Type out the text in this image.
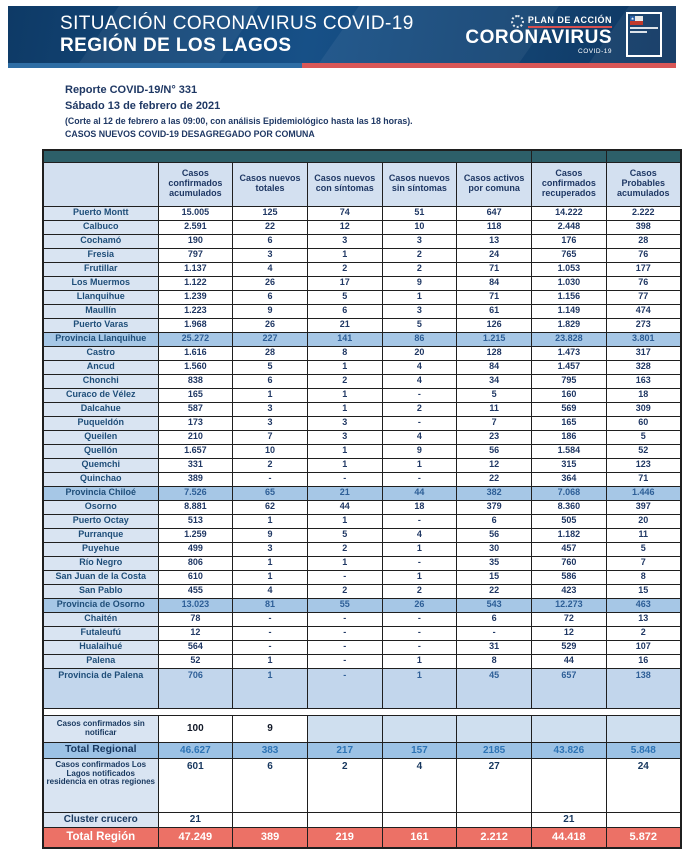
SITUACIÓN CORONAVIRUS COVID-19
REGIÓN DE LOS LAGOS
PLAN DE ACCIÓN
CORONAVIRUS
COVID-19
★
Reporte COVID-19/N° 331
Sábado 13 de febrero de 2021
(Corte al 12 de febrero a las 09:00, con análisis Epidemiológico hasta las 18 horas).
CASOS NUEVOS COVID-19 DESAGREGADO POR COMUNA

	Casos confirmados acumulados	Casos nuevos totales	Casos nuevos con síntomas	Casos nuevos sin síntomas	Casos activos por comuna	Casos confirmados recuperados	Casos Probables acumulados
Puerto Montt	15.005	125	74	51	647	14.222	2.222
Calbuco	2.591	22	12	10	118	2.448	398
Cochamó	190	6	3	3	13	176	28
Fresia	797	3	1	2	24	765	76
Frutillar	1.137	4	2	2	71	1.053	177
Los Muermos	1.122	26	17	9	84	1.030	76
Llanquihue	1.239	6	5	1	71	1.156	77
Maullín	1.223	9	6	3	61	1.149	474
Puerto Varas	1.968	26	21	5	126	1.829	273
Provincia Llanquihue	25.272	227	141	86	1.215	23.828	3.801
Castro	1.616	28	8	20	128	1.473	317
Ancud	1.560	5	1	4	84	1.457	328
Chonchi	838	6	2	4	34	795	163
Curaco de Vélez	165	1	1	-	5	160	18
Dalcahue	587	3	1	2	11	569	309
Puqueldón	173	3	3	-	7	165	60
Queilen	210	7	3	4	23	186	5
Quellón	1.657	10	1	9	56	1.584	52
Quemchi	331	2	1	1	12	315	123
Quinchao	389	-	-	-	22	364	71
Provincia Chiloé	7.526	65	21	44	382	7.068	1.446
Osorno	8.881	62	44	18	379	8.360	397
Puerto Octay	513	1	1	-	6	505	20
Purranque	1.259	9	5	4	56	1.182	11
Puyehue	499	3	2	1	30	457	5
Río Negro	806	1	1	-	35	760	7
San Juan de la Costa	610	1	-	1	15	586	8
San Pablo	455	4	2	2	22	423	15
Provincia de Osorno	13.023	81	55	26	543	12.273	463
Chaitén	78	-	-	-	6	72	13
Futaleufú	12	-	-	-	-	12	2
Hualaihué	564	-	-	-	31	529	107
Palena	52	1	-	1	8	44	16
Provincia de Palena	706	1	-	1	45	657	138

Casos confirmados sin notificar	100	9					
Total Regional	46.627	383	217	157	2185	43.826	5.848
Casos confirmados Los Lagos notificados residencia en otras regiones	601	6	2	4	27		24
Cluster crucero	21					21	
Total Región	47.249	389	219	161	2.212	44.418	5.872
